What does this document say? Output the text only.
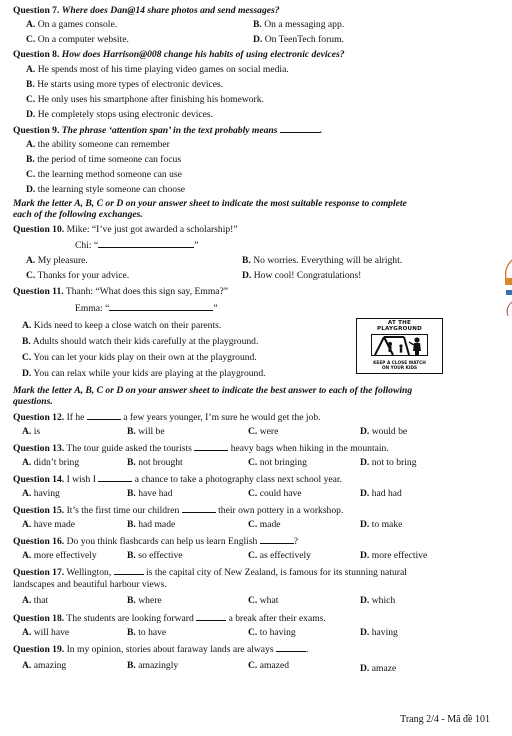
Question 7. Where does Dan@14 share photos and send messages?
A. On a games console.	B. On a messaging app.
C. On a computer website.	D. On TeenTech forum.
Question 8. How does Harrison@008 change his habits of using electronic devices?
A. He spends most of his time playing video games on social media.
B. He starts using more types of electronic devices.
C. He only uses his smartphone after finishing his homework.
D. He completely stops using electronic devices.
Question 9. The phrase ‘attention span’ in the text probably means	.
A. the ability someone can remember
B. the period of time someone can focus
C. the learning method someone can use
D. the learning style someone can choose
Mark the letter A, B, C or D on your answer sheet to indicate the most suitable response to complete
each of the following exchanges.
Question 10. Mike: “I’ve just got awarded a scholarship!”
Chi: “	”
A. My pleasure.	B. No worries. Everything will be alright.
C. Thanks for your advice.	D. How cool! Congratulations!
Question 11. Thanh: “What does this sign say, Emma?”
Emma: “	”
A. Kids need to keep a close watch on their parents.
B. Adults should watch their kids carefully at the playground.
C. You can let your kids play on their own at the playground.
D. You can relax while your kids are playing at the playground.
AT THE
PLAYGROUND
KEEP A CLOSE WATCH
ON YOUR KIDS
Mark the letter A, B, C or D on your answer sheet to indicate the best answer to each of the following
questions.
Question 12. If he	a few years younger, I’m sure he would get the job.
A. is	B. will be	C. were	D. would be
Question 13. The tour guide asked the tourists	heavy bags when hiking in the mountain.
A. didn’t bring	B. not brought	C. not bringing	D. not to bring
Question 14. I wish I	a chance to take a photography class next school year.
A. having	B. have had	C. could have	D. had had
Question 15. It’s the first time our children	their own pottery in a workshop.
A. have made	B. had made	C. made	D. to make
Question 16. Do you think flashcards can help us learn English	?
A. more effectively	B. so effective	C. as effectively	D. more effective
Question 17. Wellington,	is the capital city of New Zealand, is famous for its stunning natural
landscapes and beautiful harbour views.
A. that	B. where	C. what	D. which
Question 18. The students are looking forward	a break after their exams.
A. will have	B. to have	C. to having	D. having
Question 19. In my opinion, stories about faraway lands are always	.
A. amazing	B. amazingly	C. amazed	D. amaze
Trang 2/4 - Mã đề 101
